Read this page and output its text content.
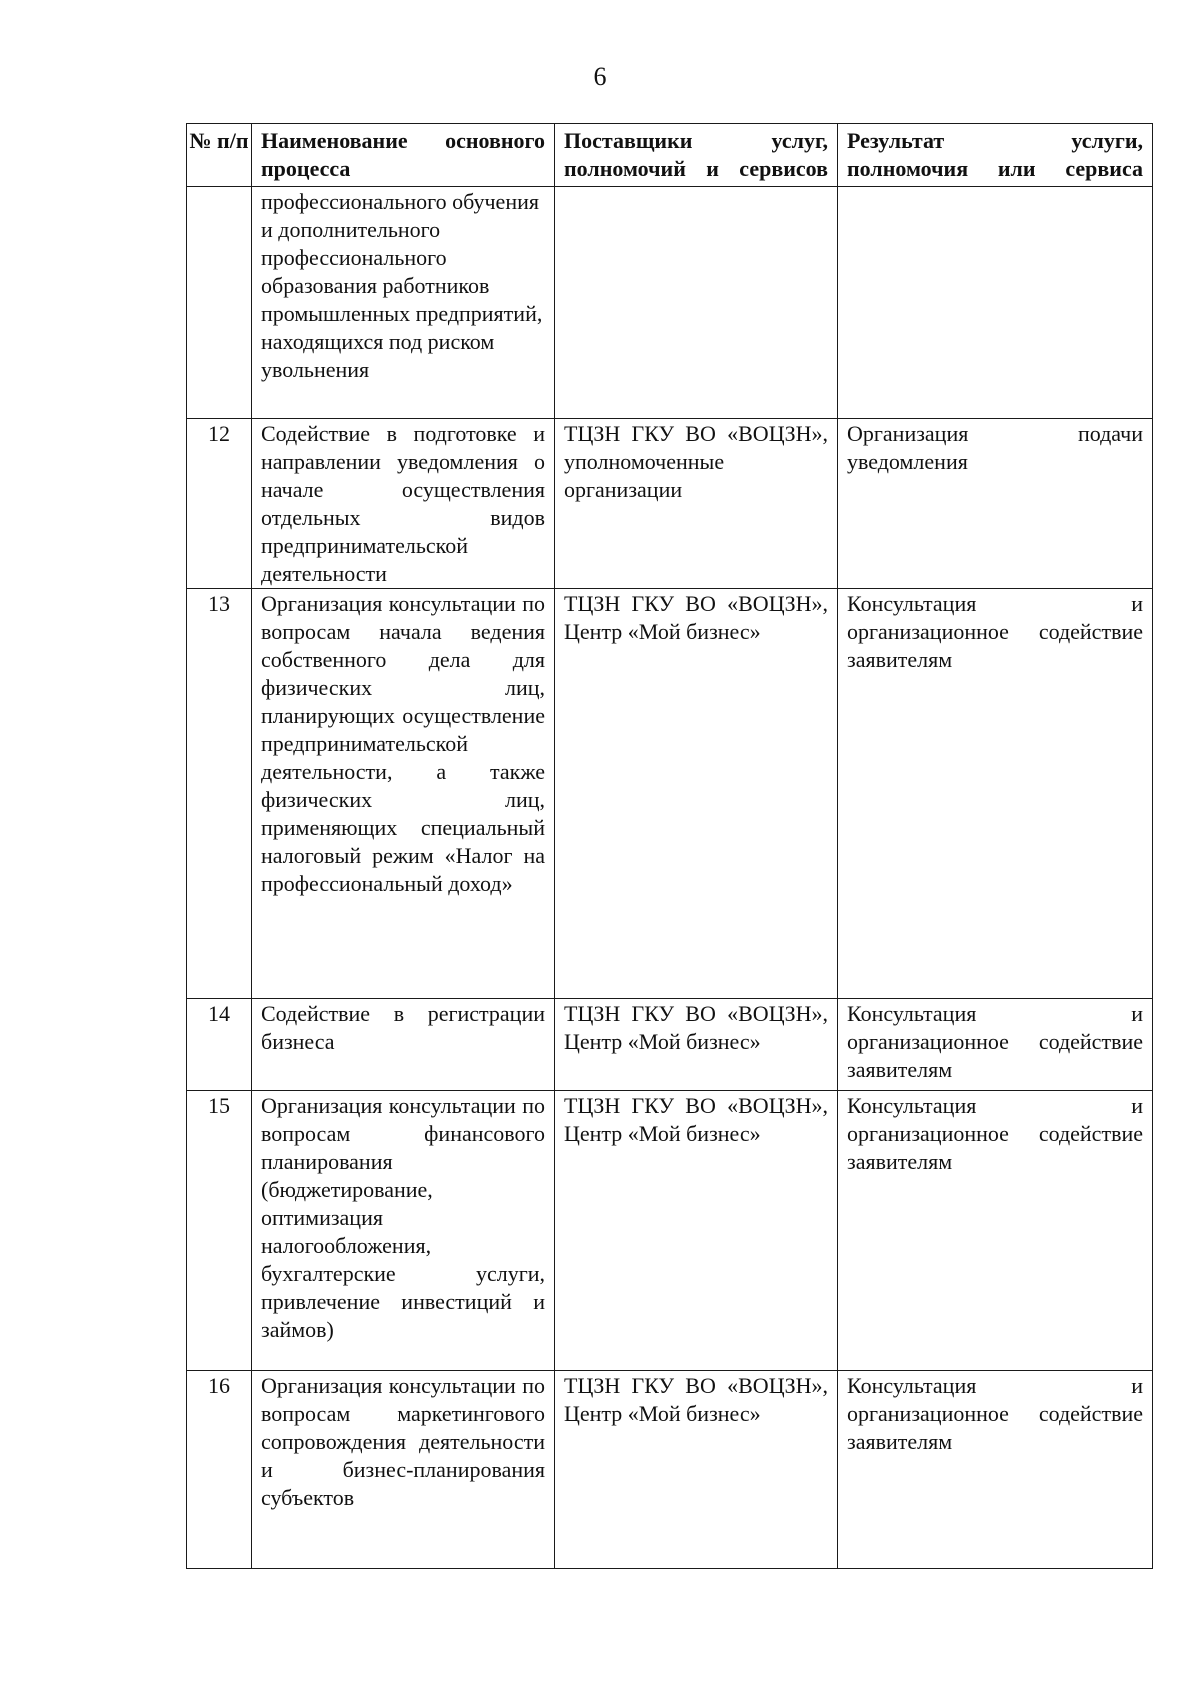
6
№ п/п	Наименование основного процесса	Поставщики услуг, полномочий и сервисов	Результат услуги, полномочия или сервиса
	профессионального обучения и дополнительного профессионального образования работников промышленных предприятий, находящихся под риском увольнения		
12	Содействие в подготовке и направлении уведомления о начале осуществления отдельных видов предпринимательской деятельности	ТЦЗН ГКУ ВО «ВОЦЗН», уполномоченные организации	Организация подачи уведомления
13	Организация консультации по вопросам начала ведения собственного дела для физических лиц, планирующих осуществление предпринимательской деятельности, а также физических лиц, применяющих специальный налоговый режим «Налог на профессиональный доход»	ТЦЗН ГКУ ВО «ВОЦЗН», Центр «Мой бизнес»	Консультация и организационное содействие заявителям
14	Содействие в регистрации бизнеса	ТЦЗН ГКУ ВО «ВОЦЗН», Центр «Мой бизнес»	Консультация и организационное содействие заявителям
15	Организация консультации по вопросам финансового планирования (бюджетирование, оптимизация налогообложения, бухгалтерские услуги, привлечение инвестиций и займов)	ТЦЗН ГКУ ВО «ВОЦЗН», Центр «Мой бизнес»	Консультация и организационное содействие заявителям
16	Организация консультации по вопросам маркетингового сопровождения деятельности и бизнес-планирования субъектов	ТЦЗН ГКУ ВО «ВОЦЗН», Центр «Мой бизнес»	Консультация и организационное содействие заявителям
